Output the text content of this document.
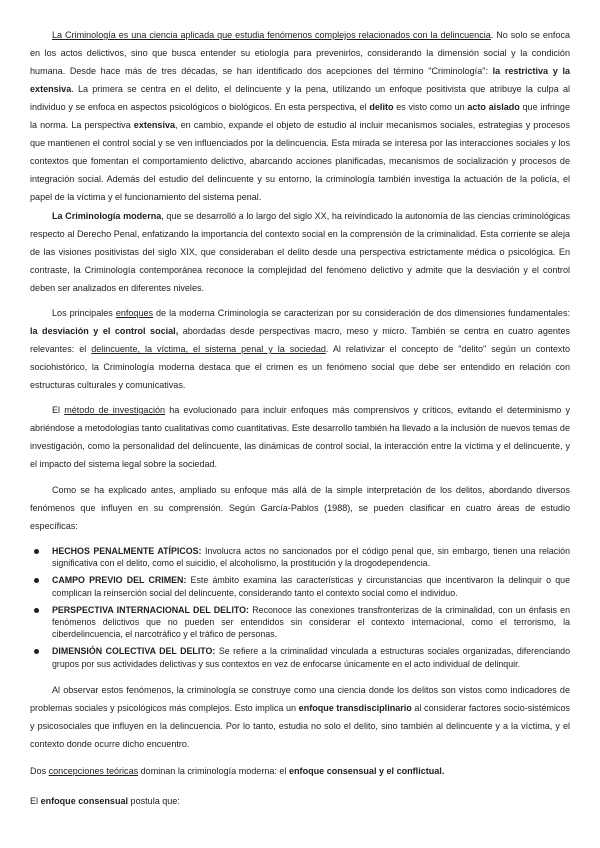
La Criminología es una ciencia aplicada que estudia fenómenos complejos relacionados con la delincuencia. No solo se enfoca en los actos delictivos, sino que busca entender su etiología para prevenirlos, considerando la dimensión social y la condición humana. Desde hace más de tres décadas, se han identificado dos acepciones del término "Criminología": la restrictiva y la extensiva. La primera se centra en el delito, el delincuente y la pena, utilizando un enfoque positivista que atribuye la culpa al individuo y se enfoca en aspectos psicológicos o biológicos. En esta perspectiva, el delito es visto como un acto aislado que infringe la norma. La perspectiva extensiva, en cambio, expande el objeto de estudio al incluir mecanismos sociales, estrategias y procesos que mantienen el control social y se ven influenciados por la delincuencia. Esta mirada se interesa por las interacciones sociales y los contextos que fomentan el comportamiento delictivo, abarcando acciones planificadas, mecanismos de socialización y procesos de integración social. Además del estudio del delincuente y su entorno, la criminología también investiga la actuación de la policía, el papel de la víctima y el funcionamiento del sistema penal.

La Criminología moderna, que se desarrolló a lo largo del siglo XX, ha reivindicado la autonomía de las ciencias criminológicas respecto al Derecho Penal, enfatizando la importancia del contexto social en la comprensión de la criminalidad. Esta corriente se aleja de las visiones positivistas del siglo XIX, que consideraban el delito desde una perspectiva estrictamente médica o psicológica. En contraste, la Criminología contemporánea reconoce la complejidad del fenómeno delictivo y admite que la desviación y el control deben ser analizados en diferentes niveles.

Los principales enfoques de la moderna Criminología se caracterizan por su consideración de dos dimensiones fundamentales: la desviación y el control social, abordadas desde perspectivas macro, meso y micro. También se centra en cuatro agentes relevantes: el delincuente, la víctima, el sistema penal y la sociedad. Al relativizar el concepto de "delito" según un contexto sociohistórico, la Criminología moderna destaca que el crimen es un fenómeno social que debe ser entendido en relación con estructuras culturales y comunicativas.

El método de investigación ha evolucionado para incluir enfoques más comprensivos y críticos, evitando el determinismo y abriéndose a metodologías tanto cualitativas como cuantitativas. Este desarrollo también ha llevado a la inclusión de nuevos temas de investigación, como la personalidad del delincuente, las dinámicas de control social, la interacción entre la víctima y el delincuente, y el impacto del sistema legal sobre la sociedad.

Como se ha explicado antes, ampliado su enfoque más allá de la simple interpretación de los delitos, abordando diversos fenómenos que influyen en su comprensión. Según García-Pablos (1988), se pueden clasificar en cuatro áreas de estudio específicas:

HECHOS PENALMENTE ATÍPICOS: Involucra actos no sancionados por el código penal que, sin embargo, tienen una relación significativa con el delito, como el suicidio, el alcoholismo, la prostitución y la drogodependencia.
CAMPO PREVIO DEL CRIMEN: Este ámbito examina las características y circunstancias que incentivaron la delinquir o que complican la reinserción social del delincuente, considerando tanto el contexto social como el individuo.
PERSPECTIVA INTERNACIONAL DEL DELITO: Reconoce las conexiones transfronterizas de la criminalidad, con un énfasis en fenómenos delictivos que no pueden ser entendidos sin considerar el contexto internacional, como el terrorismo, la ciberdelincuencia, el narcotráfico y el tráfico de personas.
DIMENSIÓN COLECTIVA DEL DELITO: Se refiere a la criminalidad vinculada a estructuras sociales organizadas, diferenciando grupos por sus actividades delictivas y sus contextos en vez de enfocarse únicamente en el acto individual de delinquir.

Al observar estos fenómenos, la criminología se construye como una ciencia donde los delitos son vistos como indicadores de problemas sociales y psicológicos más complejos. Esto implica un enfoque transdisciplinario al considerar factores socio-sistémicos y psicosociales que influyen en la delincuencia. Por lo tanto, estudia no solo el delito, sino también al delincuente y a la víctima, y el contexto donde ocurre dicho encuentro.

Dos concepciones teóricas dominan la criminología moderna: el enfoque consensual y el conflictual.

El enfoque consensual postula que:
